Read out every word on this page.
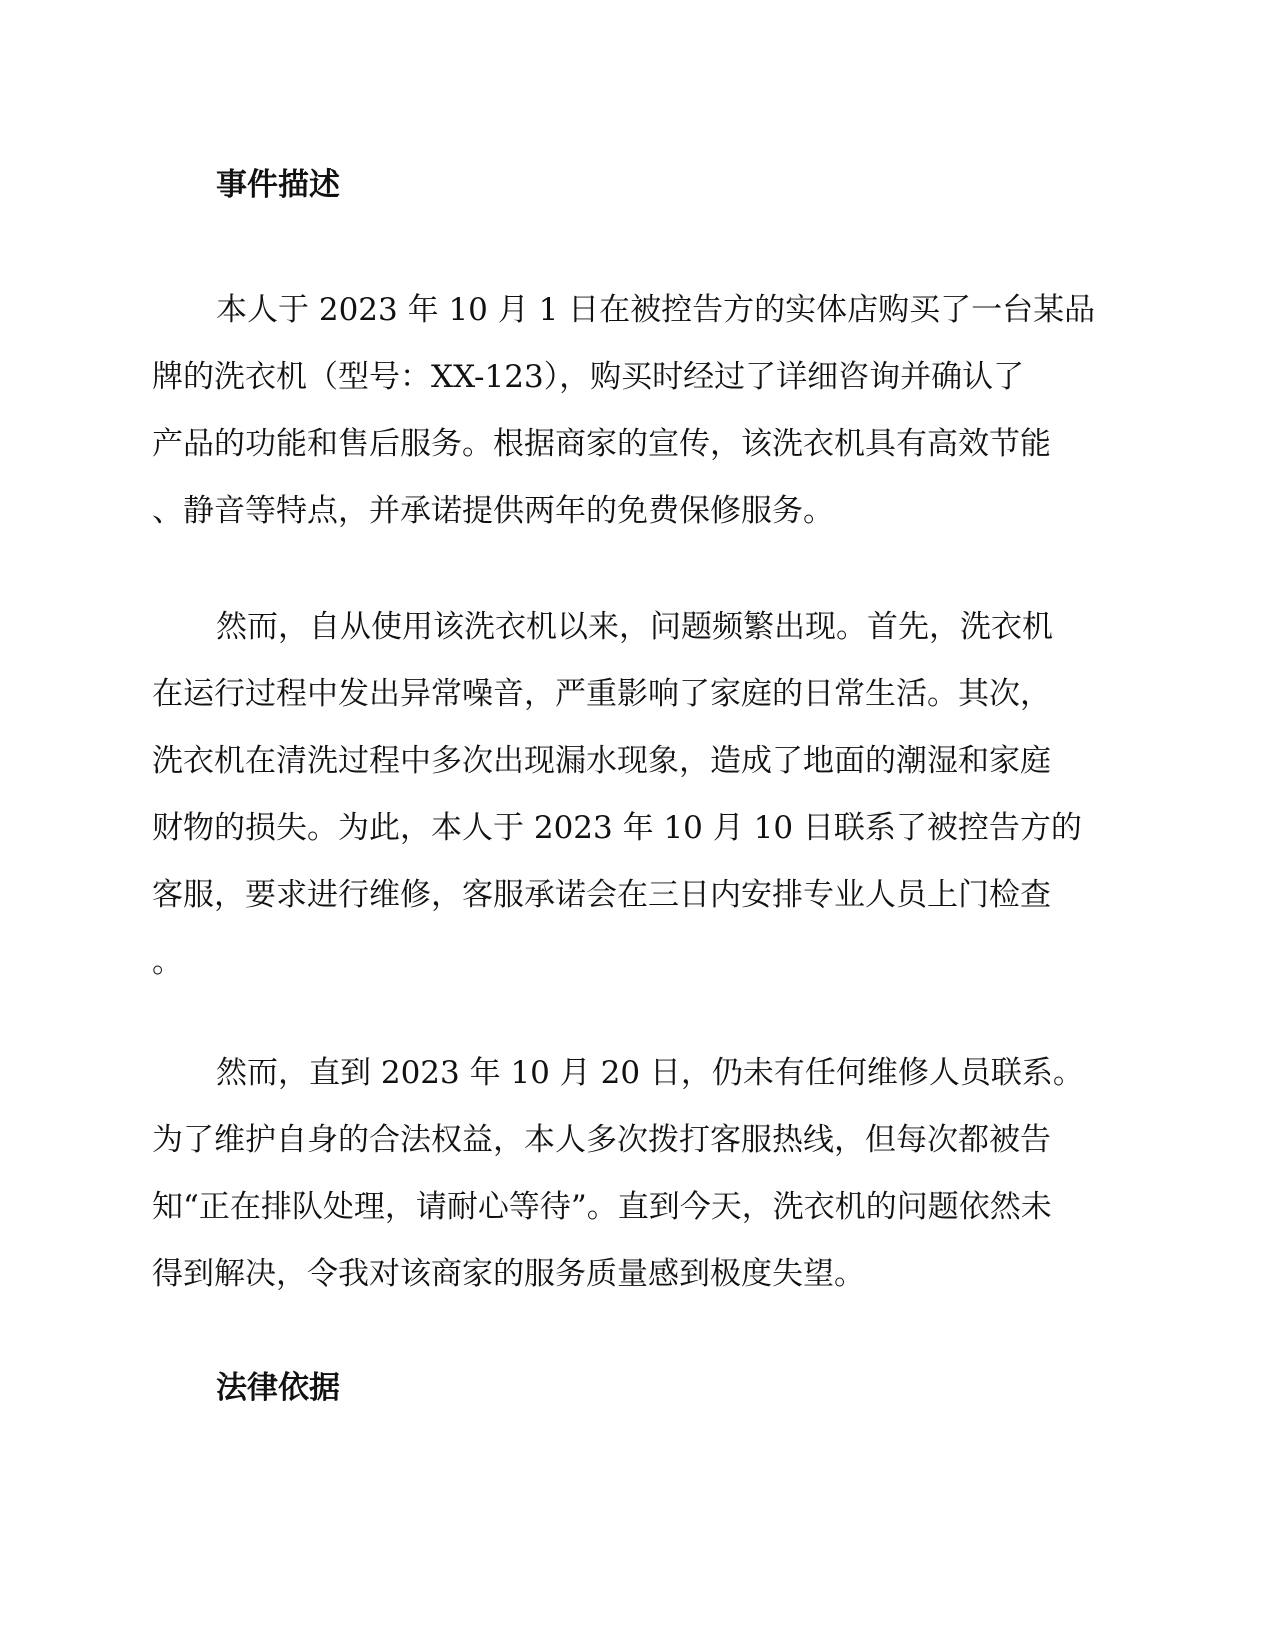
事件描述
本人于 2023 年 10 月 1 日在被控告方的实体店购买了一台某品
牌的洗衣机（型号：XX-123），购买时经过了详细咨询并确认了
产品的功能和售后服务。根据商家的宣传，该洗衣机具有高效节能
、静音等特点，并承诺提供两年的免费保修服务。
然而，自从使用该洗衣机以来，问题频繁出现。首先，洗衣机
在运行过程中发出异常噪音，严重影响了家庭的日常生活。其次，
洗衣机在清洗过程中多次出现漏水现象，造成了地面的潮湿和家庭
财物的损失。为此，本人于 2023 年 10 月 10 日联系了被控告方的
客服，要求进行维修，客服承诺会在三日内安排专业人员上门检查
。
然而，直到 2023 年 10 月 20 日，仍未有任何维修人员联系。
为了维护自身的合法权益，本人多次拨打客服热线，但每次都被告
知“正在排队处理，请耐心等待”。直到今天，洗衣机的问题依然未
得到解决，令我对该商家的服务质量感到极度失望。
法律依据
